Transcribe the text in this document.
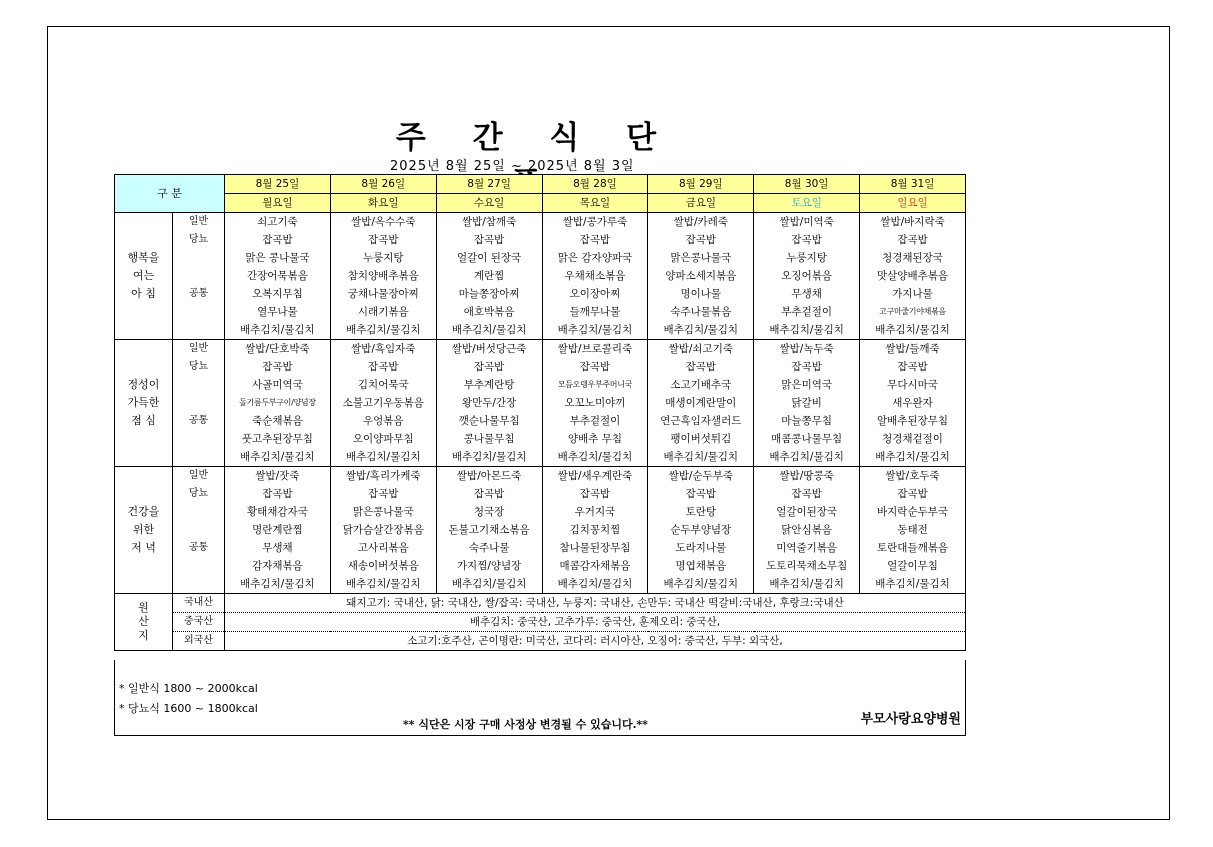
주 간 식 단
2025년 8월 25일 ~ 2025년 8월 3일
구 분		8월 25일	8월 26일	8월 27일	8월 28일	8월 29일	8월 30일	8월 31일
		월요일	화요일	수요일	목요일	금요일	토요일	일요일
행복을
여는
아 침	일반	쇠고기죽	쌀밥/옥수수죽	쌀밥/참깨죽	쌀밥/콩가루죽	쌀밥/카레죽	쌀밥/미역죽	쌀밥/바지락죽
	당뇨	잡곡밥	잡곡밥	잡곡밥	잡곡밥	잡곡밥	잡곡밥	잡곡밥
	공통	맑은 콩나물국	누룽지탕	얼갈이 된장국	맑은 감자양파국	맑은콩나물국	누룽지탕	청경채된장국
		간장어묵볶음	참치양배추볶음	계란찜	우채채소볶음	양파소세지볶음	오징어볶음	맛살양배추볶음
		오복지무침	궁채나물장아찌	마늘쫑장아찌	오이장아찌	명이나물	무생채	가지나물
		열무나물	시래기볶음	애호박볶음	들깨무나물	숙주나물볶음	부추겉절이	고구마줄기야채볶음
		배추김치/물김치	배추김치/물김치	배추김치/물김치	배추김치/물김치	배추김치/물김치	배추김치/물김치	배추김치/물김치
정성이
가득한
점 심	일반	쌀밥/단호박죽	쌀밥/흑임자죽	쌀밥/버섯당근죽	쌀밥/브로콜리죽	쌀밥/쇠고기죽	쌀밥/녹두죽	쌀밥/들깨죽
	당뇨	잡곡밥	잡곡밥	잡곡밥	잡곡밥	잡곡밥	잡곡밥	잡곡밥
	공통	사골미역국	김치어묵국	부추계란탕	모듬오뎅우부주머니국	소고기배추국	맑은미역국	무다시마국
		돌기름두부구이/양념장	소불고기우동볶음	왕만두/간장	오꼬노미야끼	매생이계란말이	닭갈비	새우완자
		죽순채볶음	우엉볶음	깻순나물무침	부추겉절이	연근흑임자샐러드	마늘쫑무침	알배추된장무침
		풋고추된장무침	오이양파무침	콩나물무침	양배추 무침	팽이버섯튀김	매콤콩나물무침	청경채겉절이
		배추김치/물김치	배추김치/물김치	배추김치/물김치	배추김치/물김치	배추김치/물김치	배추김치/물김치	배추김치/물김치
건강을
위한
저 녁	일반	쌀밥/잣죽	쌀밥/흑리가케죽	쌀밥/아몬드죽	쌀밥/새우계란죽	쌀밥/순두부죽	쌀밥/땅콩죽	쌀밥/호두죽
	당뇨	잡곡밥	잡곡밥	잡곡밥	잡곡밥	잡곡밥	잡곡밥	잡곡밥
	공통	황태채감자국	맑은콩나물국	청국장	우거지국	토란탕	얼갈이된장국	바지락순두부국
		명란계란찜	닭가슴살간장볶음	돈불고기채소볶음	김치꽁치찜	순두부양념장	닭안심볶음	동태전
		무생채	고사리볶음	숙주나물	참나물된장무침	도라지나물	미역줄기볶음	토란대들깨볶음
		감자채볶음	새송이버섯볶음	가지찜/양념장	매콤감자채볶음	명엽채볶음	도토리묵채소무침	얼갈이무침
		배추김치/물김치	배추김치/물김치	배추김치/물김치	배추김치/물김치	배추김치/물김치	배추김치/물김치	배추김치/물김치
원
산
지	국내산	돼지고기: 국내산, 닭: 국내산, 쌀/잡곡: 국내산, 누룽지: 국내산, 손만두: 국내산 떡갈비:국내산, 후랑크:국내산						
	중국산	배추김치: 중국산, 고추가루: 중국산, 훈제오리: 중국산,						
	외국산	소고기:호주산, 곤이명란: 미국산, 코다리: 러시아산, 오징어: 중국산, 두부: 외국산,						
* 일반식 1800 ~ 2000kcal
* 당뇨식 1600 ~ 1800kcal
** 식단은 시장 구매 사정상 변경될 수 있습니다.**	부모사랑요양병원
